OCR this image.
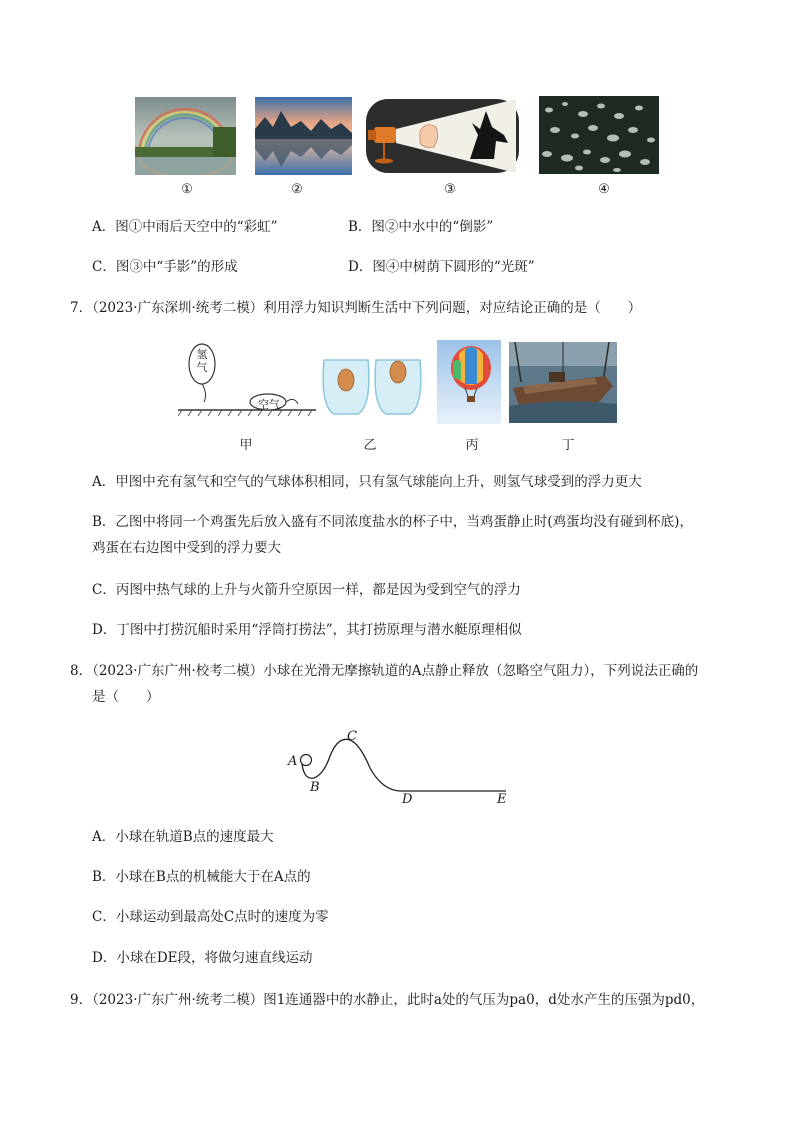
①	②	③	④
A．图①中雨后天空中的“彩虹”	B．图②中水中的“倒影”
C．图③中“手影”的形成	D．图④中树荫下圆形的“光斑”
7．（2023·广东深圳·统考二模）利用浮力知识判断生活中下列问题，对应结论正确的是（　　）
氢
气
空气
甲	乙	丙	丁
A．甲图中充有氢气和空气的气球体积相同，只有氢气球能向上升，则氢气球受到的浮力更大
B．乙图中将同一个鸡蛋先后放入盛有不同浓度盐水的杯子中，当鸡蛋静止时(鸡蛋均没有碰到杯底)，
鸡蛋在右边图中受到的浮力要大
C．丙图中热气球的上升与火箭升空原因一样，都是因为受到空气的浮力
D．丁图中打捞沉船时采用“浮筒打捞法”，其打捞原理与潜水艇原理相似
8．（2023·广东广州·校考二模）小球在光滑无摩擦轨道的A点静止释放（忽略空气阻力），下列说法正确的
是（　　）
A
B
C
D	E
A．小球在轨道B点的速度最大
B．小球在B点的机械能大于在A点的
C．小球运动到最高处C点时的速度为零
D．小球在DE段，将做匀速直线运动
9．（2023·广东广州·统考二模）图1连通器中的水静止，此时a处的气压为pa0，d处水产生的压强为pd0，
